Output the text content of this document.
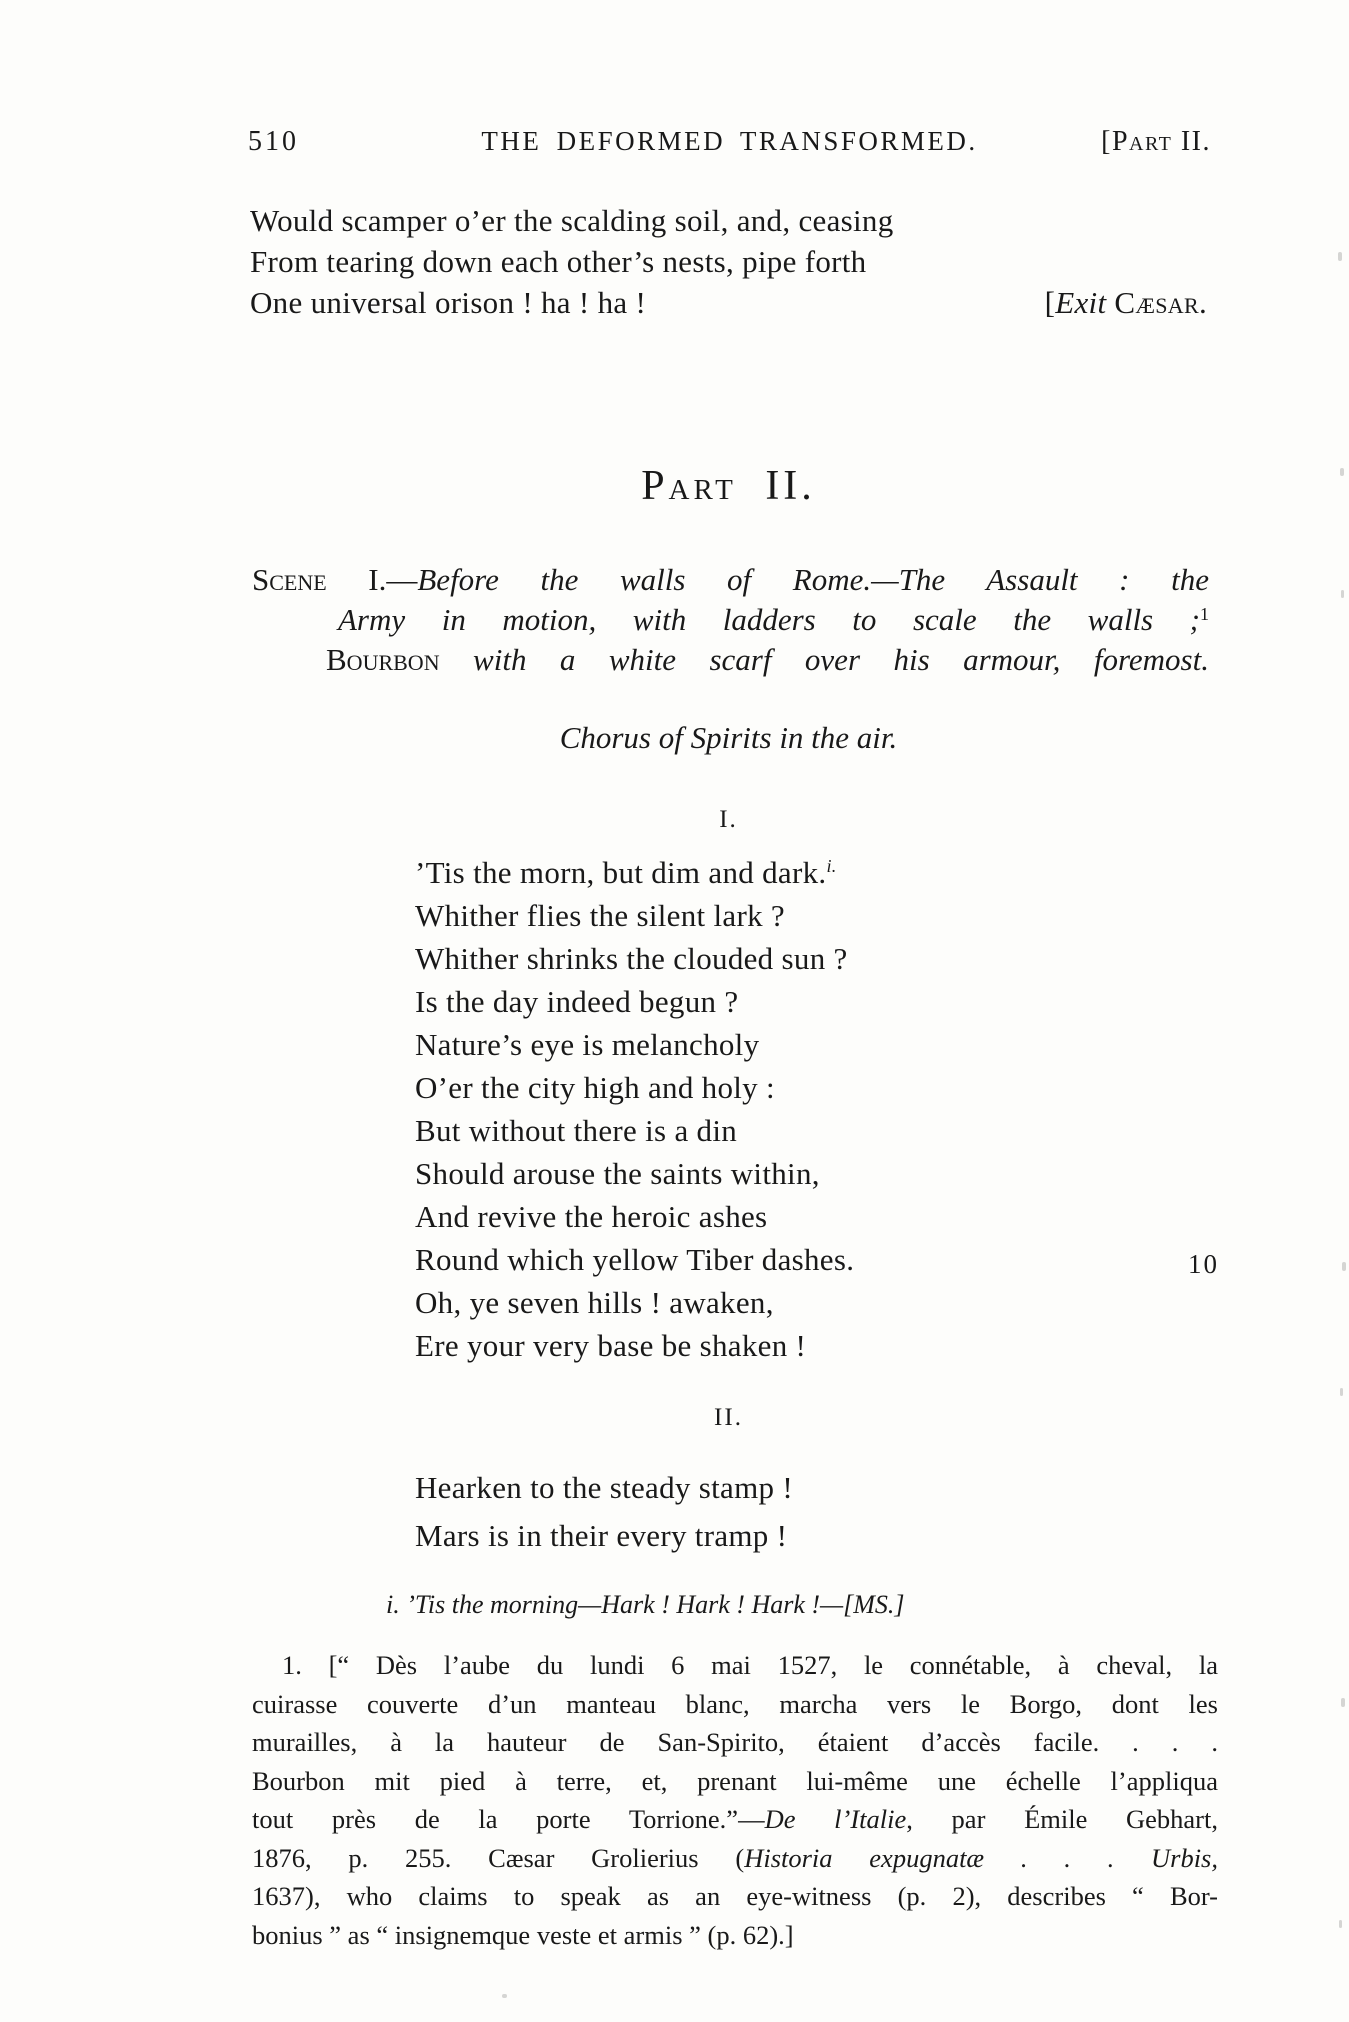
510	THE DEFORMED TRANSFORMED.	[Part II.
Would scamper o’er the scalding soil, and, ceasing
From tearing down each other’s nests, pipe forth
One universal orison ! ha ! ha !	[Exit Cæsar.
Part II.
Scene I.—Before the walls of Rome.—The Assault : the
Army in motion, with ladders to scale the walls ;$^1$
Bourbon with a white scarf over his armour, foremost.
Chorus of Spirits in the air.
I.
’Tis the morn, but dim and dark.$^{i.}$
Whither flies the silent lark ?
Whither shrinks the clouded sun ?
Is the day indeed begun ?
Nature’s eye is melancholy
O’er the city high and holy :
But without there is a din
Should arouse the saints within,
And revive the heroic ashes
Round which yellow Tiber dashes.
Oh, ye seven hills ! awaken,
Ere your very base be shaken !
10
II.
Hearken to the steady stamp !
Mars is in their every tramp !
i. ’Tis the morning—Hark ! Hark ! Hark !—[MS.]
1. [“ Dès l’aube du lundi 6 mai 1527, le connétable, à cheval, la
cuirasse couverte d’un manteau blanc, marcha vers le Borgo, dont les
murailles, à la hauteur de San-Spirito, étaient d’accès facile. . . .
Bourbon mit pied à terre, et, prenant lui-même une échelle l’appliqua
tout près de la porte Torrione.”—De l’Italie, par Émile Gebhart,
1876, p. 255. Cæsar Grolierius (Historia expugnatæ . . . Urbis,
1637), who claims to speak as an eye-witness (p. 2), describes “ Bor-
bonius ” as “ insignemque veste et armis ” (p. 62).]
